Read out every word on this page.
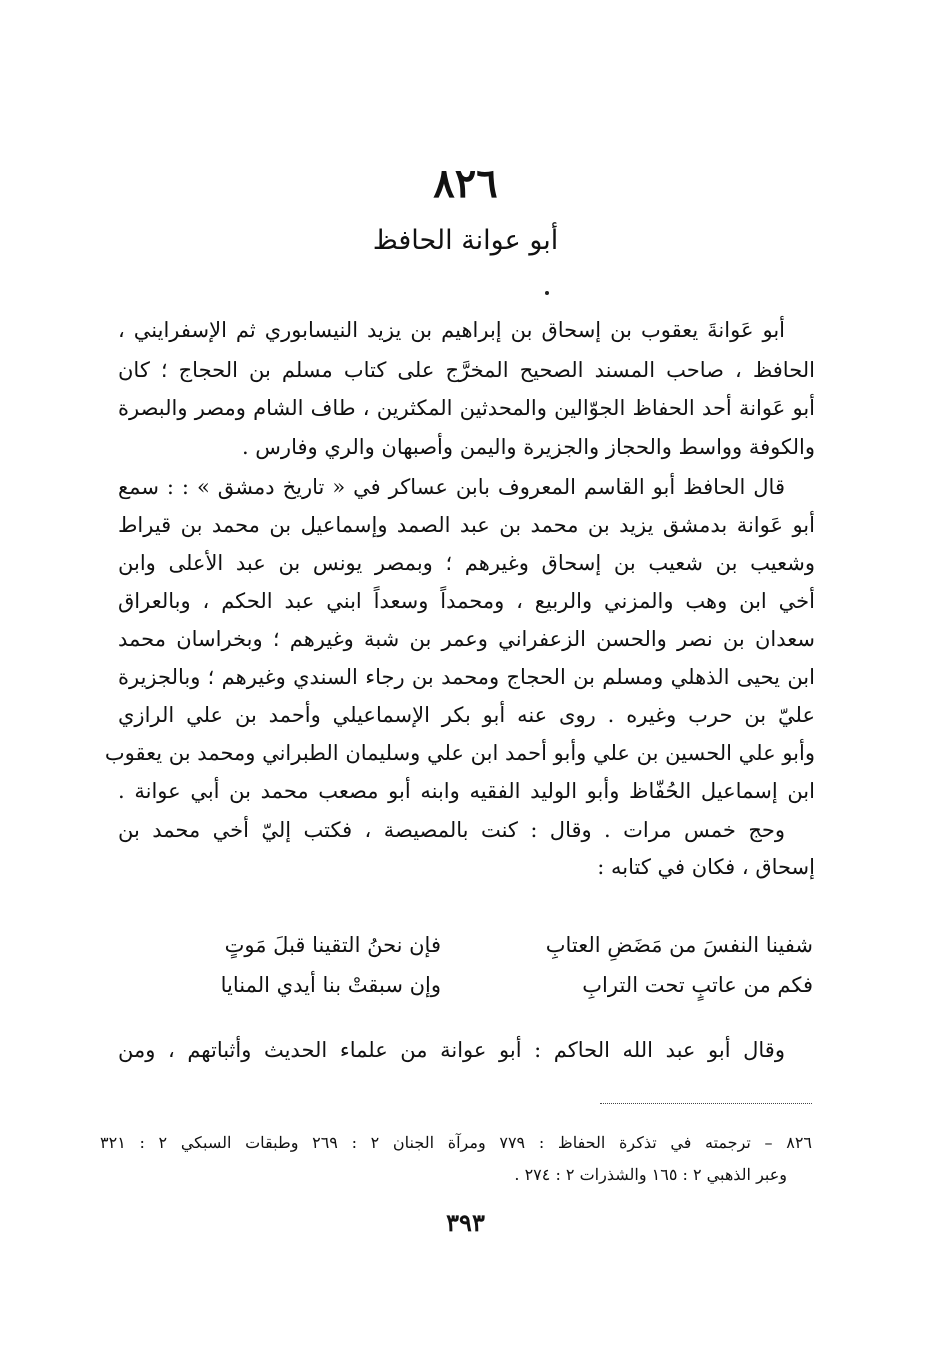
٨٢٦
أبو عوانة الحافظ
أبو عَوانةَ يعقوب بن إسحاق بن إبراهيم بن يزيد النيسابوري ثم الإسفرايني ،
الحافظ ، صاحب المسند الصحيح المخرَّج على كتاب مسلم بن الحجاج ؛ كان
أبو عَوانة أحد الحفاظ الجوّالين والمحدثين المكثرين ، طاف الشام ومصر والبصرة
والكوفة وواسط والحجاز والجزيرة واليمن وأصبهان والري وفارس .
قال الحافظ أبو القاسم المعروف بابن عساكر في « تاريخ دمشق » : : سمع
أبو عَوانة بدمشق يزيد بن محمد بن عبد الصمد وإسماعيل بن محمد بن قيراط
وشعيب بن شعيب بن إسحاق وغيرهم ؛ وبمصر يونس بن عبد الأعلى وابن
أخي ابن وهب والمزني والربيع ، ومحمداً وسعداً ابني عبد الحكم ، وبالعراق
سعدان بن نصر والحسن الزعفراني وعمر بن شبة وغيرهم ؛ وبخراسان محمد
ابن يحيى الذهلي ومسلم بن الحجاج ومحمد بن رجاء السندي وغيرهم ؛ وبالجزيرة
عليّ بن حرب وغيره . روى عنه أبو بكر الإسماعيلي وأحمد بن علي الرازي
وأبو علي الحسين بن علي وأبو أحمد ابن علي وسليمان الطبراني ومحمد بن يعقوب
ابن إسماعيل الحُفّاظ وأبو الوليد الفقيه وابنه أبو مصعب محمد بن أبي عوانة .
وحج خمس مرات . وقال : كنت بالمصيصة ، فكتب إليّ أخي محمد بن
إسحاق ، فكان في كتابه :
فإن نحنُ التقينا قبلَ مَوتٍ	شفينا النفسَ من مَضَضِ العتابِ
وإن سبقتْ بنا أيدي المنايا	فكم من عاتبٍ تحت الترابِ
وقال أبو عبد الله الحاكم : أبو عوانة من علماء الحديث وأثباتهم ، ومن
٨٢٦ – ترجمته في تذكرة الحفاظ : ٧٧٩ ومرآة الجنان ٢ : ٢٦٩ وطبقات السبكي ٢ : ٣٢١
وعبر الذهبي ٢ : ١٦٥ والشذرات ٢ : ٢٧٤ .
٣٩٣
